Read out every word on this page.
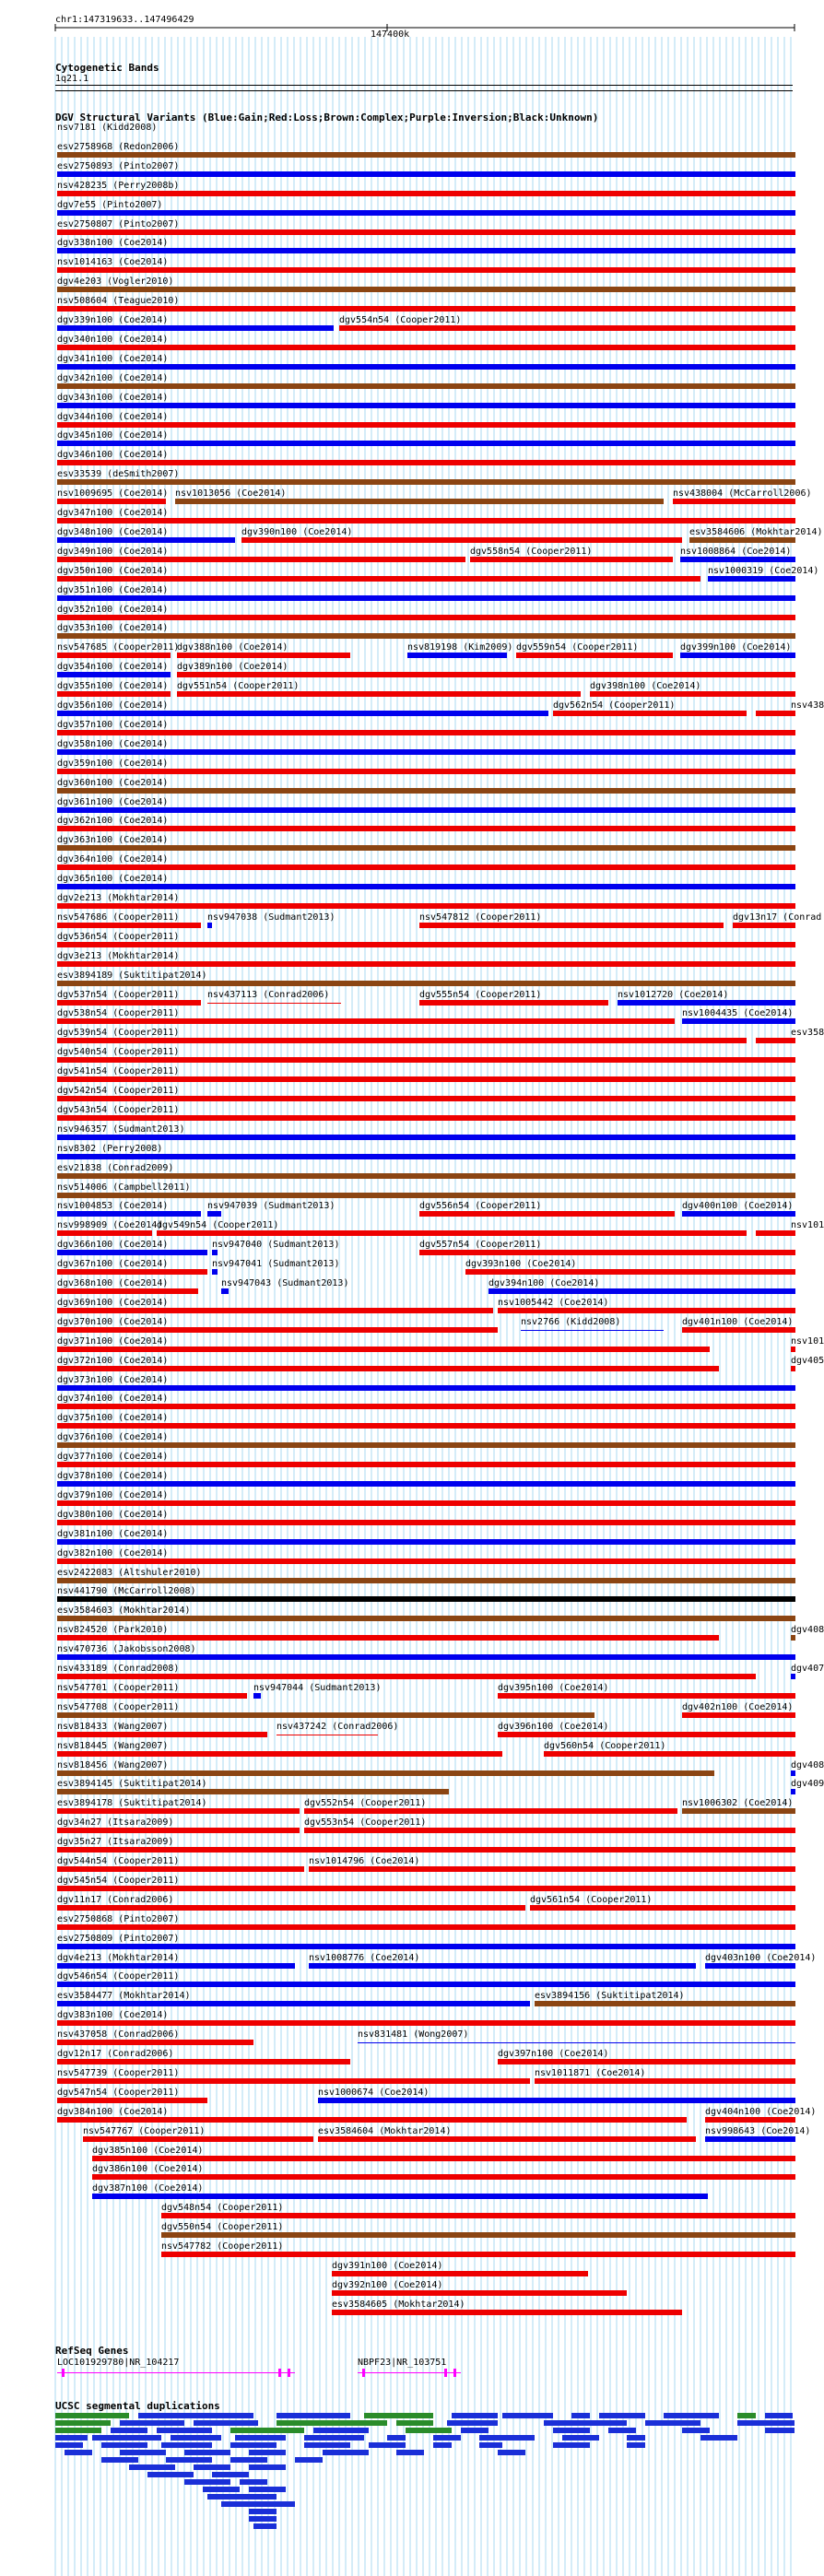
chr1:147319633..147496429
147400k
Cytogenetic Bands
1q21.1
DGV Structural Variants (Blue:Gain;Red:Loss;Brown:Complex;Purple:Inversion;Black:Unknown)
nsv7181 (Kidd2008)
esv2758968 (Redon2006)
esv2750893 (Pinto2007)
nsv428235 (Perry2008b)
dgv7e55 (Pinto2007)
esv2750807 (Pinto2007)
dgv338n100 (Coe2014)
nsv1014163 (Coe2014)
dgv4e203 (Vogler2010)
nsv508604 (Teague2010)
dgv339n100 (Coe2014)	dgv554n54 (Cooper2011)
dgv340n100 (Coe2014)
dgv341n100 (Coe2014)
dgv342n100 (Coe2014)
dgv343n100 (Coe2014)
dgv344n100 (Coe2014)
dgv345n100 (Coe2014)
dgv346n100 (Coe2014)
esv33539 (deSmith2007)
nsv1009695 (Coe2014) nsv1013056 (Coe2014)	nsv438004 (McCarroll2006)
dgv347n100 (Coe2014)
dgv348n100 (Coe2014)	dgv390n100 (Coe2014)	esv3584606 (Mokhtar2014)
dgv349n100 (Coe2014)	dgv558n54 (Cooper2011)	nsv1008864 (Coe2014)
dgv350n100 (Coe2014)	nsv1000319 (Coe2014)
dgv351n100 (Coe2014)
dgv352n100 (Coe2014)
dgv353n100 (Coe2014)
nsv547685 (Cooper2011)
dgv388n100 (Coe2014)	nsv819198 (Kim2009) dgv559n54 (Cooper2011)	dgv399n100 (Coe2014)
dgv354n100 (Coe2014) dgv389n100 (Coe2014)
dgv355n100 (Coe2014) dgv551n54 (Cooper2011)	dgv398n100 (Coe2014)
dgv356n100 (Coe2014)	dgv562n54 (Cooper2011)	nsv438
dgv357n100 (Coe2014)
dgv358n100 (Coe2014)
dgv359n100 (Coe2014)
dgv360n100 (Coe2014)
dgv361n100 (Coe2014)
dgv362n100 (Coe2014)
dgv363n100 (Coe2014)
dgv364n100 (Coe2014)
dgv365n100 (Coe2014)
dgv2e213 (Mokhtar2014)
nsv547686 (Cooper2011)	nsv947038 (Sudmant2013)	nsv547812 (Cooper2011)	dgv13n17 (Conrad
dgv536n54 (Cooper2011)
dgv3e213 (Mokhtar2014)
esv3894189 (Suktitipat2014)
dgv537n54 (Cooper2011)	nsv437113 (Conrad2006)	dgv555n54 (Cooper2011)	nsv1012720 (Coe2014)
dgv538n54 (Cooper2011)	nsv1004435 (Coe2014)
dgv539n54 (Cooper2011)	esv358
dgv540n54 (Cooper2011)
dgv541n54 (Cooper2011)
dgv542n54 (Cooper2011)
dgv543n54 (Cooper2011)
nsv946357 (Sudmant2013)
nsv8302 (Perry2008)
esv21838 (Conrad2009)
nsv514006 (Campbell2011)
nsv1004853 (Coe2014)	nsv947039 (Sudmant2013)	dgv556n54 (Cooper2011)	dgv400n100 (Coe2014)
nsv998909 (Coe2014)
dgv549n54 (Cooper2011)	nsv101
dgv366n100 (Coe2014)	nsv947040 (Sudmant2013)	dgv557n54 (Cooper2011)
dgv367n100 (Coe2014)	nsv947041 (Sudmant2013)	dgv393n100 (Coe2014)
dgv368n100 (Coe2014)	nsv947043 (Sudmant2013)	dgv394n100 (Coe2014)
dgv369n100 (Coe2014)	nsv1005442 (Coe2014)
dgv370n100 (Coe2014)	nsv2766 (Kidd2008)	dgv401n100 (Coe2014)
dgv371n100 (Coe2014)	nsv101
dgv372n100 (Coe2014)	dgv405
dgv373n100 (Coe2014)
dgv374n100 (Coe2014)
dgv375n100 (Coe2014)
dgv376n100 (Coe2014)
dgv377n100 (Coe2014)
dgv378n100 (Coe2014)
dgv379n100 (Coe2014)
dgv380n100 (Coe2014)
dgv381n100 (Coe2014)
dgv382n100 (Coe2014)
esv2422083 (Altshuler2010)
nsv441790 (McCarroll2008)
esv3584603 (Mokhtar2014)
nsv824520 (Park2010)	dgv408
nsv470736 (Jakobsson2008)
nsv433189 (Conrad2008)	dgv407
nsv547701 (Cooper2011)	nsv947044 (Sudmant2013)	dgv395n100 (Coe2014)
nsv547708 (Cooper2011)	dgv402n100 (Coe2014)
nsv818433 (Wang2007)	nsv437242 (Conrad2006)	dgv396n100 (Coe2014)
nsv818445 (Wang2007)	dgv560n54 (Cooper2011)
nsv818456 (Wang2007)	dgv408
esv3894145 (Suktitipat2014)	dgv409
esv3894178 (Suktitipat2014)	dgv552n54 (Cooper2011)	nsv1006302 (Coe2014)
dgv34n27 (Itsara2009)	dgv553n54 (Cooper2011)
dgv35n27 (Itsara2009)
dgv544n54 (Cooper2011)	nsv1014796 (Coe2014)
dgv545n54 (Cooper2011)
dgv11n17 (Conrad2006)	dgv561n54 (Cooper2011)
esv2750868 (Pinto2007)
esv2750809 (Pinto2007)
dgv4e213 (Mokhtar2014)	nsv1008776 (Coe2014)	dgv403n100 (Coe2014)
dgv546n54 (Cooper2011)
esv3584477 (Mokhtar2014)	esv3894156 (Suktitipat2014)
dgv383n100 (Coe2014)
nsv437058 (Conrad2006)	nsv831481 (Wong2007)
dgv12n17 (Conrad2006)	dgv397n100 (Coe2014)
nsv547739 (Cooper2011)	nsv1011871 (Coe2014)
dgv547n54 (Cooper2011)	nsv1000674 (Coe2014)
dgv384n100 (Coe2014)	dgv404n100 (Coe2014)
nsv547767 (Cooper2011)	esv3584604 (Mokhtar2014)	nsv998643 (Coe2014)
dgv385n100 (Coe2014)
dgv386n100 (Coe2014)
dgv387n100 (Coe2014)
dgv548n54 (Cooper2011)
dgv550n54 (Cooper2011)
nsv547782 (Cooper2011)
dgv391n100 (Coe2014)
dgv392n100 (Coe2014)
esv3584605 (Mokhtar2014)
RefSeq Genes
LOC101929780|NR_104217	NBPF23|NR_103751
UCSC segmental duplications
